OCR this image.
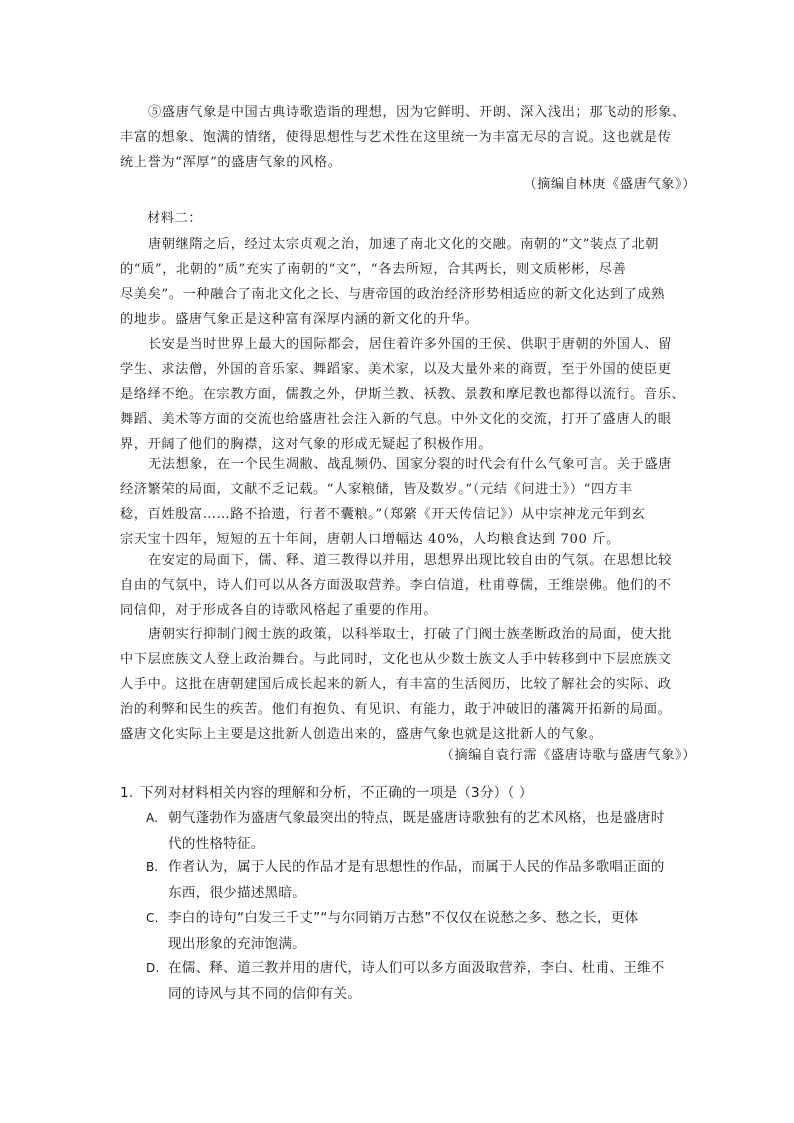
⑤盛唐气象是中国古典诗歌造诣的理想，因为它鲜明、开朗、深入浅出；那飞动的形象、
丰富的想象、饱满的情绪，使得思想性与艺术性在这里统一为丰富无尽的言说。这也就是传
统上誉为“浑厚”的盛唐气象的风格。

（摘编自林庚《盛唐气象》）

材料二：

唐朝继隋之后，经过太宗贞观之治，加速了南北文化的交融。南朝的“文”装点了北朝
的“质”，北朝的“质”充实了南朝的“文”，“各去所短，合其两长，则文质彬彬，尽善
尽美矣”。一种融合了南北文化之长、与唐帝国的政治经济形势相适应的新文化达到了成熟
的地步。盛唐气象正是这种富有深厚内涵的新文化的升华。
长安是当时世界上最大的国际都会，居住着许多外国的王侯、供职于唐朝的外国人、留
学生、求法僧，外国的音乐家、舞蹈家、美术家，以及大量外来的商贾，至于外国的使臣更
是络绎不绝。在宗教方面，儒教之外，伊斯兰教、袄教、景教和摩尼教也都得以流行。音乐、
舞蹈、美术等方面的交流也给盛唐社会注入新的气息。中外文化的交流，打开了盛唐人的眼
界，开阔了他们的胸襟，这对气象的形成无疑起了积极作用。
无法想象，在一个民生凋敝、战乱频仍、国家分裂的时代会有什么气象可言。关于盛唐
经济繁荣的局面，文献不乏记载。“人家粮储，皆及数岁。”（元结《问进士》）“四方丰
稔，百姓殷富……路不拾遗，行者不囊粮。”（郑綮《开天传信记》）从中宗神龙元年到玄
宗天宝十四年，短短的五十年间，唐朝人口增幅达 40%，人均粮食达到 700 斤。
在安定的局面下，儒、释、道三教得以并用，思想界出现比较自由的气氛。在思想比较
自由的气氛中，诗人们可以从各方面汲取营养。李白信道，杜甫尊儒，王维崇佛。他们的不
同信仰，对于形成各自的诗歌风格起了重要的作用。
唐朝实行抑制门阀士族的政策，以科举取士，打破了门阀士族垄断政治的局面，使大批
中下层庶族文人登上政治舞台。与此同时，文化也从少数士族文人手中转移到中下层庶族文
人手中。这批在唐朝建国后成长起来的新人，有丰富的生活阅历，比较了解社会的实际、政
治的利弊和民生的疾苦。他们有抱负、有见识、有能力，敢于冲破旧的藩篱开拓新的局面。
盛唐文化实际上主要是这批新人创造出来的，盛唐气象也就是这批新人的气象。

（摘编自袁行霈《盛唐诗歌与盛唐气象》）

1. 下列对材料相关内容的理解和分析，不正确的一项是（3分）（ ）

A. 朝气蓬勃作为盛唐气象最突出的特点，既是盛唐诗歌独有的艺术风格，也是盛唐时
代的性格特征。
B. 作者认为，属于人民的作品才是有思想性的作品，而属于人民的作品多歌唱正面的
东西，很少描述黑暗。
C. 李白的诗句“白发三千丈”“与尔同销万古愁”不仅仅在说愁之多、愁之长，更体
现出形象的充沛饱满。
D. 在儒、释、道三教并用的唐代，诗人们可以多方面汲取营养，李白、杜甫、王维不
同的诗风与其不同的信仰有关。
